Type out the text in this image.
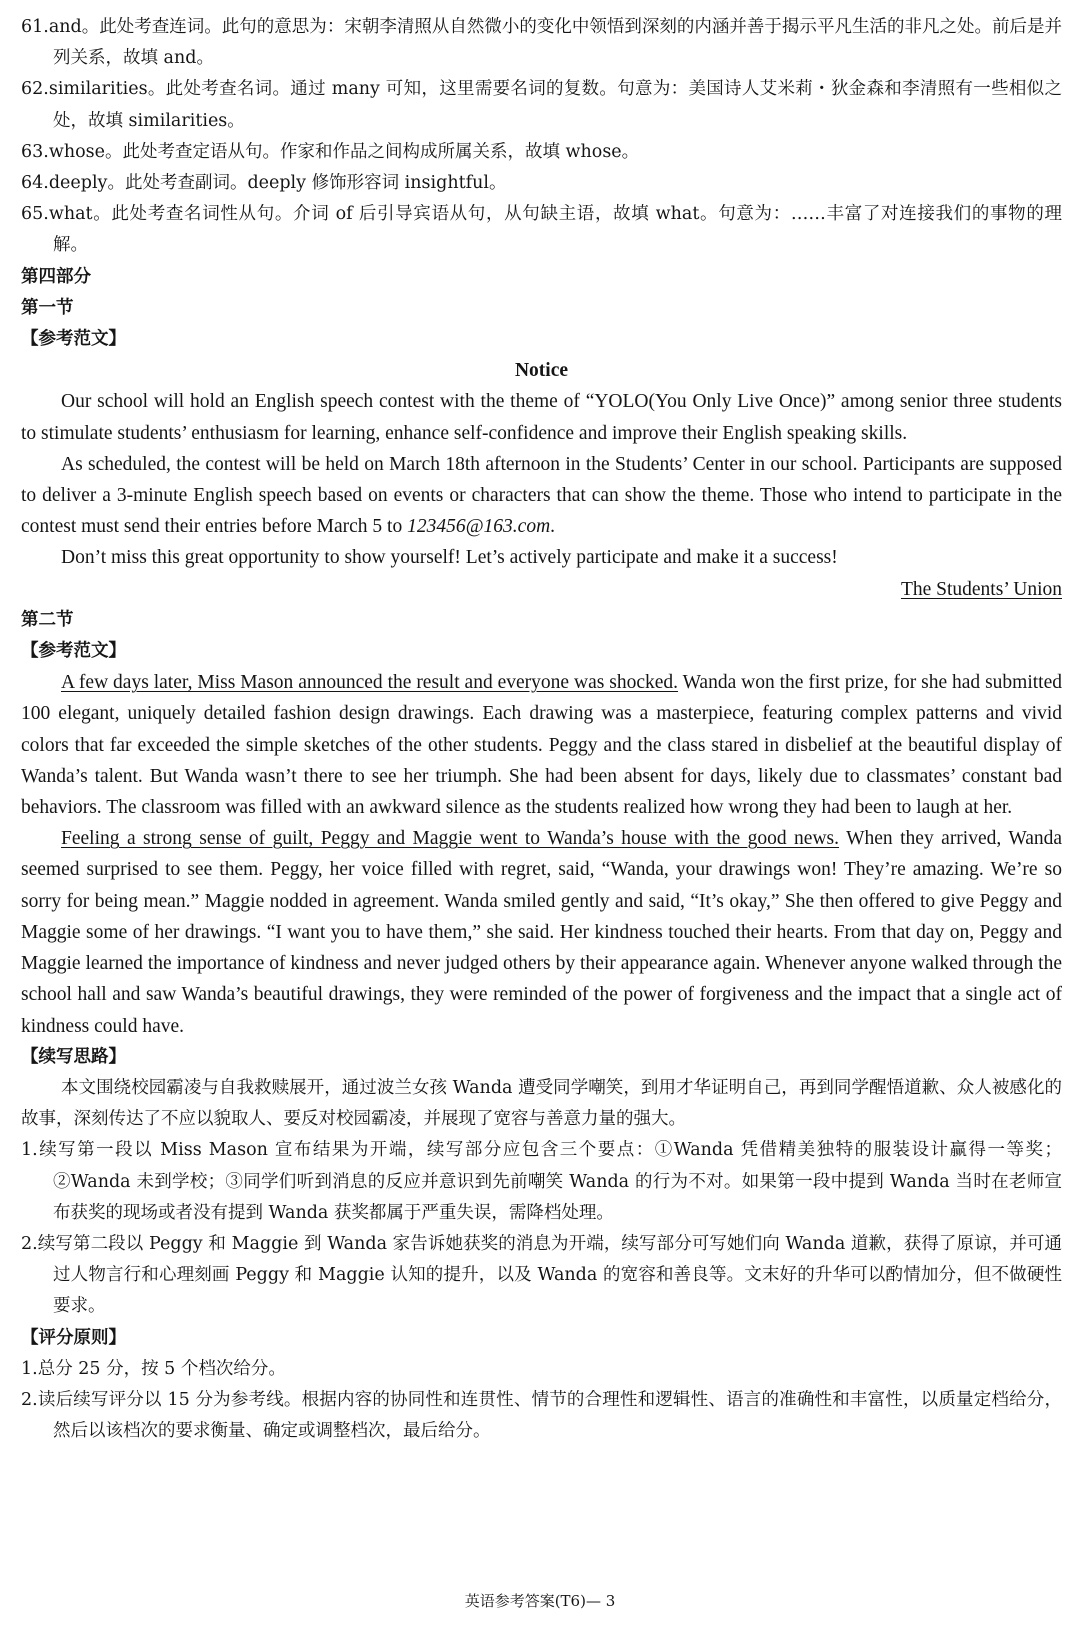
61.and。此处考查连词。此句的意思为：宋朝李清照从自然微小的变化中领悟到深刻的内涵并善于揭示平凡生活的非凡之处。前后是并列关系，故填 and。

62.similarities。此处考查名词。通过 many 可知，这里需要名词的复数。句意为：美国诗人艾米莉・狄金森和李清照有一些相似之处，故填 similarities。

63.whose。此处考查定语从句。作家和作品之间构成所属关系，故填 whose。

64.deeply。此处考查副词。deeply 修饰形容词 insightful。

65.what。此处考查名词性从句。介词 of 后引导宾语从句，从句缺主语，故填 what。句意为：……丰富了对连接我们的事物的理解。

第四部分

第一节

【参考范文】

Notice

Our school will hold an English speech contest with the theme of “YOLO(You Only Live Once)” among senior three students to stimulate students’ enthusiasm for learning, enhance self-confidence and improve their English speaking skills.

As scheduled, the contest will be held on March 18th afternoon in the Students’ Center in our school. Participants are supposed to deliver a 3-minute English speech based on events or characters that can show the theme. Those who intend to participate in the contest must send their entries before March 5 to 123456@163.com.

Don’t miss this great opportunity to show yourself! Let’s actively participate and make it a success!

The Students’ Union

第二节

【参考范文】

A few days later, Miss Mason announced the result and everyone was shocked. Wanda won the first prize, for she had submitted 100 elegant, uniquely detailed fashion design drawings. Each drawing was a masterpiece, featuring complex patterns and vivid colors that far exceeded the simple sketches of the other students. Peggy and the class stared in disbelief at the beautiful display of Wanda’s talent. But Wanda wasn’t there to see her triumph. She had been absent for days, likely due to classmates’ constant bad behaviors. The classroom was filled with an awkward silence as the students realized how wrong they had been to laugh at her.

Feeling a strong sense of guilt, Peggy and Maggie went to Wanda’s house with the good news. When they arrived, Wanda seemed surprised to see them. Peggy, her voice filled with regret, said, “Wanda, your drawings won! They’re amazing. We’re so sorry for being mean.” Maggie nodded in agreement. Wanda smiled gently and said, “It’s okay,” She then offered to give Peggy and Maggie some of her drawings. “I want you to have them,” she said. Her kindness touched their hearts. From that day on, Peggy and Maggie learned the importance of kindness and never judged others by their appearance again. Whenever anyone walked through the school hall and saw Wanda’s beautiful drawings, they were reminded of the power of forgiveness and the impact that a single act of kindness could have.

【续写思路】

本文围绕校园霸凌与自我救赎展开，通过波兰女孩 Wanda 遭受同学嘲笑，到用才华证明自己，再到同学醒悟道歉、众人被感化的故事，深刻传达了不应以貌取人、要反对校园霸凌，并展现了宽容与善意力量的强大。

1.续写第一段以 Miss Mason 宣布结果为开端，续写部分应包含三个要点：①Wanda 凭借精美独特的服装设计赢得一等奖；②Wanda 未到学校；③同学们听到消息的反应并意识到先前嘲笑 Wanda 的行为不对。如果第一段中提到 Wanda 当时在老师宣布获奖的现场或者没有提到 Wanda 获奖都属于严重失误，需降档处理。

2.续写第二段以 Peggy 和 Maggie 到 Wanda 家告诉她获奖的消息为开端，续写部分可写她们向 Wanda 道歉，获得了原谅，并可通过人物言行和心理刻画 Peggy 和 Maggie 认知的提升，以及 Wanda 的宽容和善良等。文末好的升华可以酌情加分，但不做硬性要求。

【评分原则】

1.总分 25 分，按 5 个档次给分。

2.读后续写评分以 15 分为参考线。根据内容的协同性和连贯性、情节的合理性和逻辑性、语言的准确性和丰富性，以质量定档给分，然后以该档次的要求衡量、确定或调整档次，最后给分。

英语参考答案(T6)— 3
